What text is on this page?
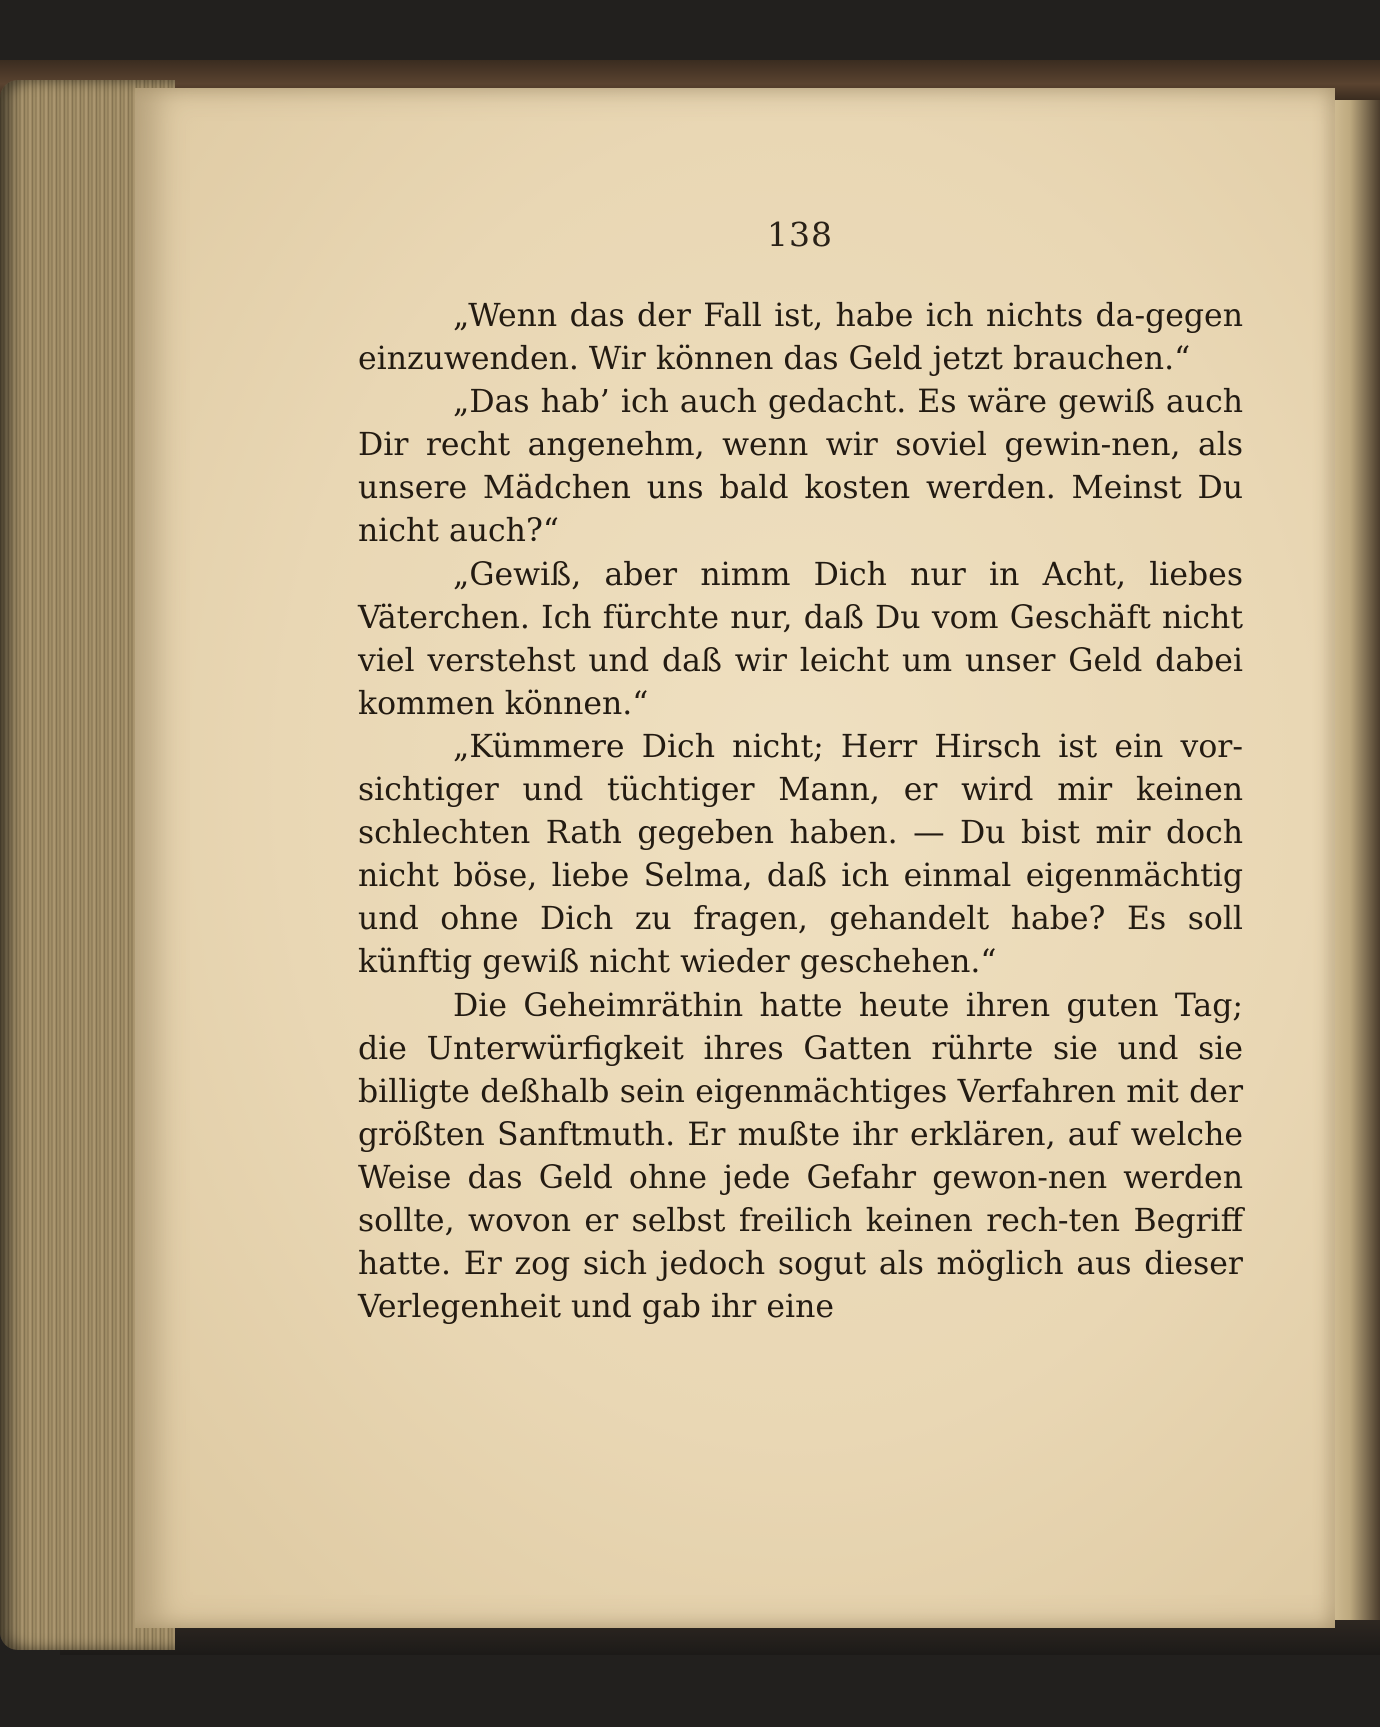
138

„Wenn das der Fall ist, habe ich nichts da-gegen einzuwenden. Wir können das Geld jetzt brauchen.“

„Das hab’ ich auch gedacht. Es wäre gewiß auch Dir recht angenehm, wenn wir soviel gewin-nen, als unsere Mädchen uns bald kosten werden. Meinst Du nicht auch?“

„Gewiß, aber nimm Dich nur in Acht, liebes Väterchen. Ich fürchte nur, daß Du vom Geschäft nicht viel verstehst und daß wir leicht um unser Geld dabei kommen können.“

„Kümmere Dich nicht; Herr Hirsch ist ein vor-sichtiger und tüchtiger Mann, er wird mir keinen schlechten Rath gegeben haben. — Du bist mir doch nicht böse, liebe Selma, daß ich einmal eigenmächtig und ohne Dich zu fragen, gehandelt habe? Es soll künftig gewiß nicht wieder geschehen.“

Die Geheimräthin hatte heute ihren guten Tag; die Unterwürfigkeit ihres Gatten rührte sie und sie billigte deßhalb sein eigenmächtiges Verfahren mit der größten Sanftmuth. Er mußte ihr erklären, auf welche Weise das Geld ohne jede Gefahr gewon-nen werden sollte, wovon er selbst freilich keinen rech-ten Begriff hatte. Er zog sich jedoch sogut als möglich aus dieser Verlegenheit und gab ihr eine
